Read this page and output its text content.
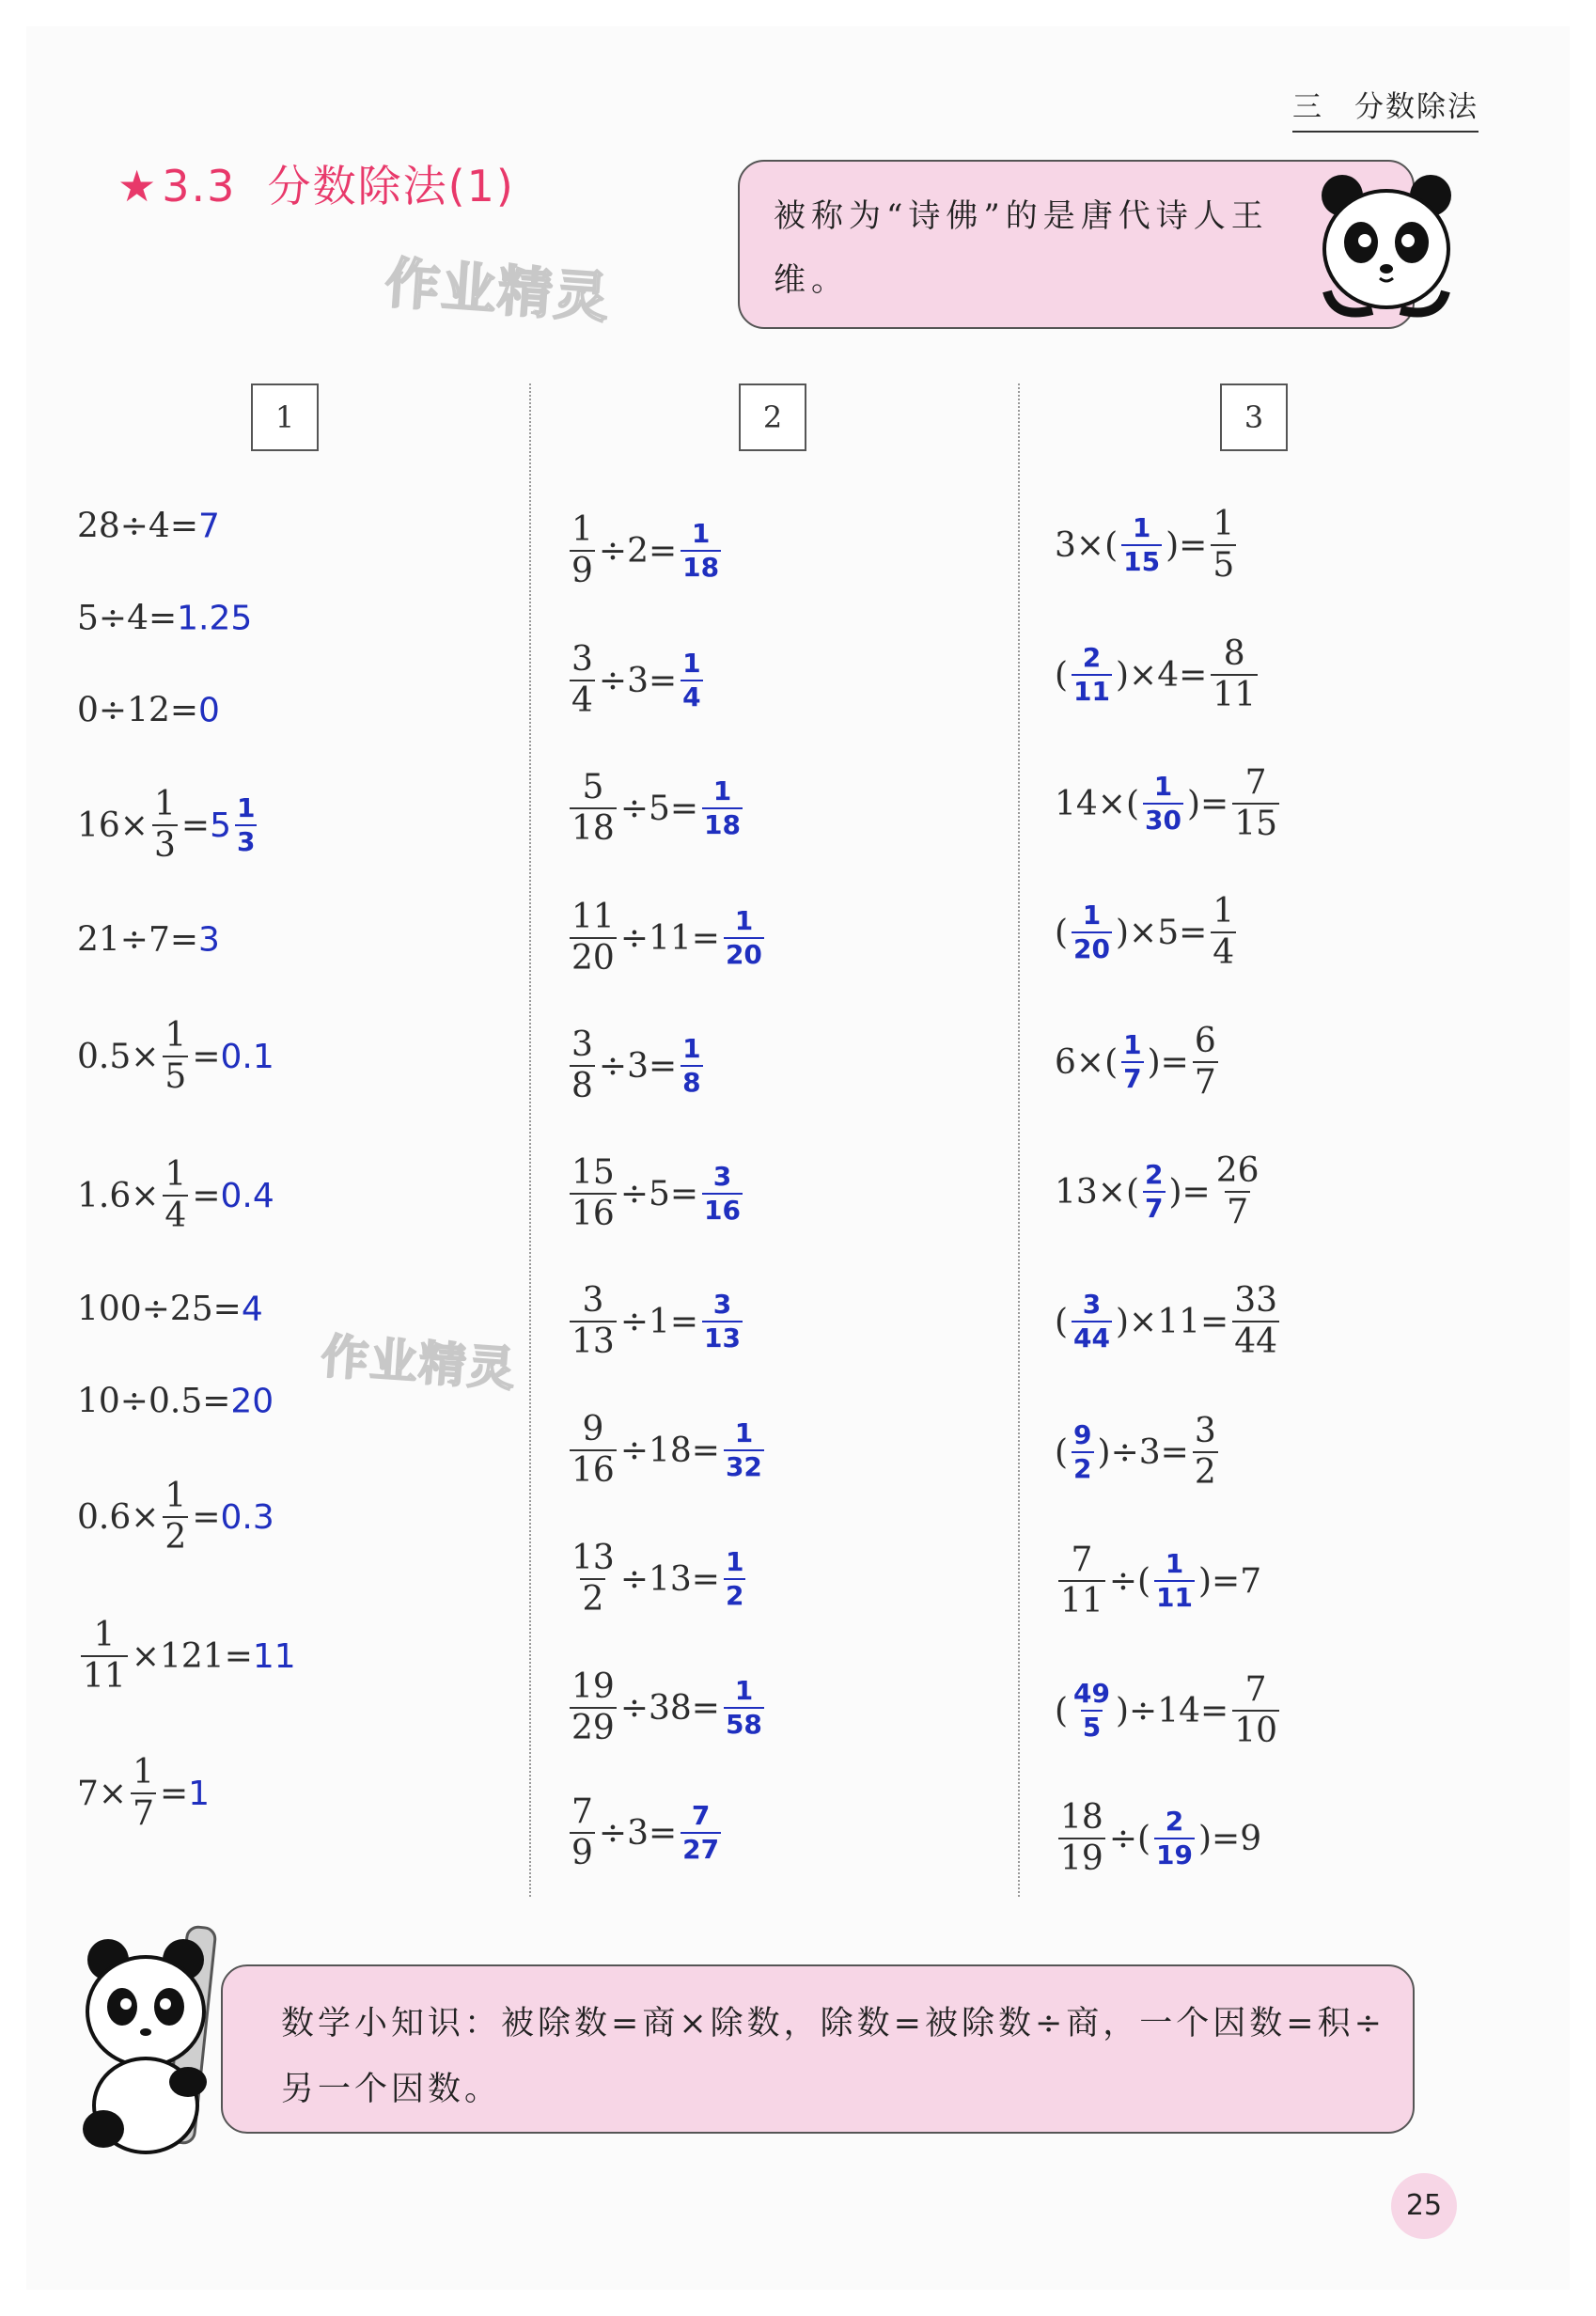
三　分数除法
★3.3 分数除法(1)
作业精灵
作业精灵
被称为“诗佛”的是唐代诗人王维。
1	2	3
28÷4= 7
5÷4= 1.25
0÷12= 0
$16\times \frac{1}{3} = 5 \frac{1}{3}$
21÷7= 3
$0.5\times \frac{1}{5} = 0.1$
$1.6\times \frac{1}{4} = 0.4$
100÷25= 4
10÷0.5= 20
$0.6\times \frac{1}{2} = 0.3$
$\frac{1}{11} \times 121= 11$
$7\times \frac{1}{7} = 1$
$\frac{1}{9} \div 2= \frac{1}{18}$
$\frac{3}{4} \div 3= \frac{1}{4}$
$\frac{5}{18} \div 5= \frac{1}{18}$
$\frac{11}{20} \div 11= \frac{1}{20}$
$\frac{3}{8} \div 3= \frac{1}{8}$
$\frac{15}{16} \div 5= \frac{3}{16}$
$\frac{3}{13} \div 1= \frac{3}{13}$
$\frac{9}{16} \div 18= \frac{1}{32}$
$\frac{13}{2} \div 13= \frac{1}{2}$
$\frac{19}{29} \div 38= \frac{1}{58}$
$\frac{7}{9} \div 3= \frac{7}{27}$
$3\times( \frac{1}{15}$ )= $\frac{1}{5}$
( $\frac{2}{11} )\times 4= \frac{8}{11}$
$14\times( \frac{1}{30}$ )= $\frac{7}{15}$
( $\frac{1}{20} )\times 5= \frac{1}{4}$
$6\times( \frac{1}{7}$ )= $\frac{6}{7}$
$13\times( \frac{2}{7}$ )= $\frac{26}{7}$
( $\frac{3}{44} )\times 11= \frac{33}{44}$
( $\frac{9}{2} )\div 3= \frac{3}{2}$
$\frac{7}{11}$ ÷( $\frac{1}{11} )=7$
( $\frac{49}{5} )\div 14= \frac{7}{10}$
$\frac{18}{19}$ ÷( $\frac{2}{19} )=9$
数学小知识：被除数=商×除数，除数=被除数÷商，一个因数=积÷另一个因数。
25
